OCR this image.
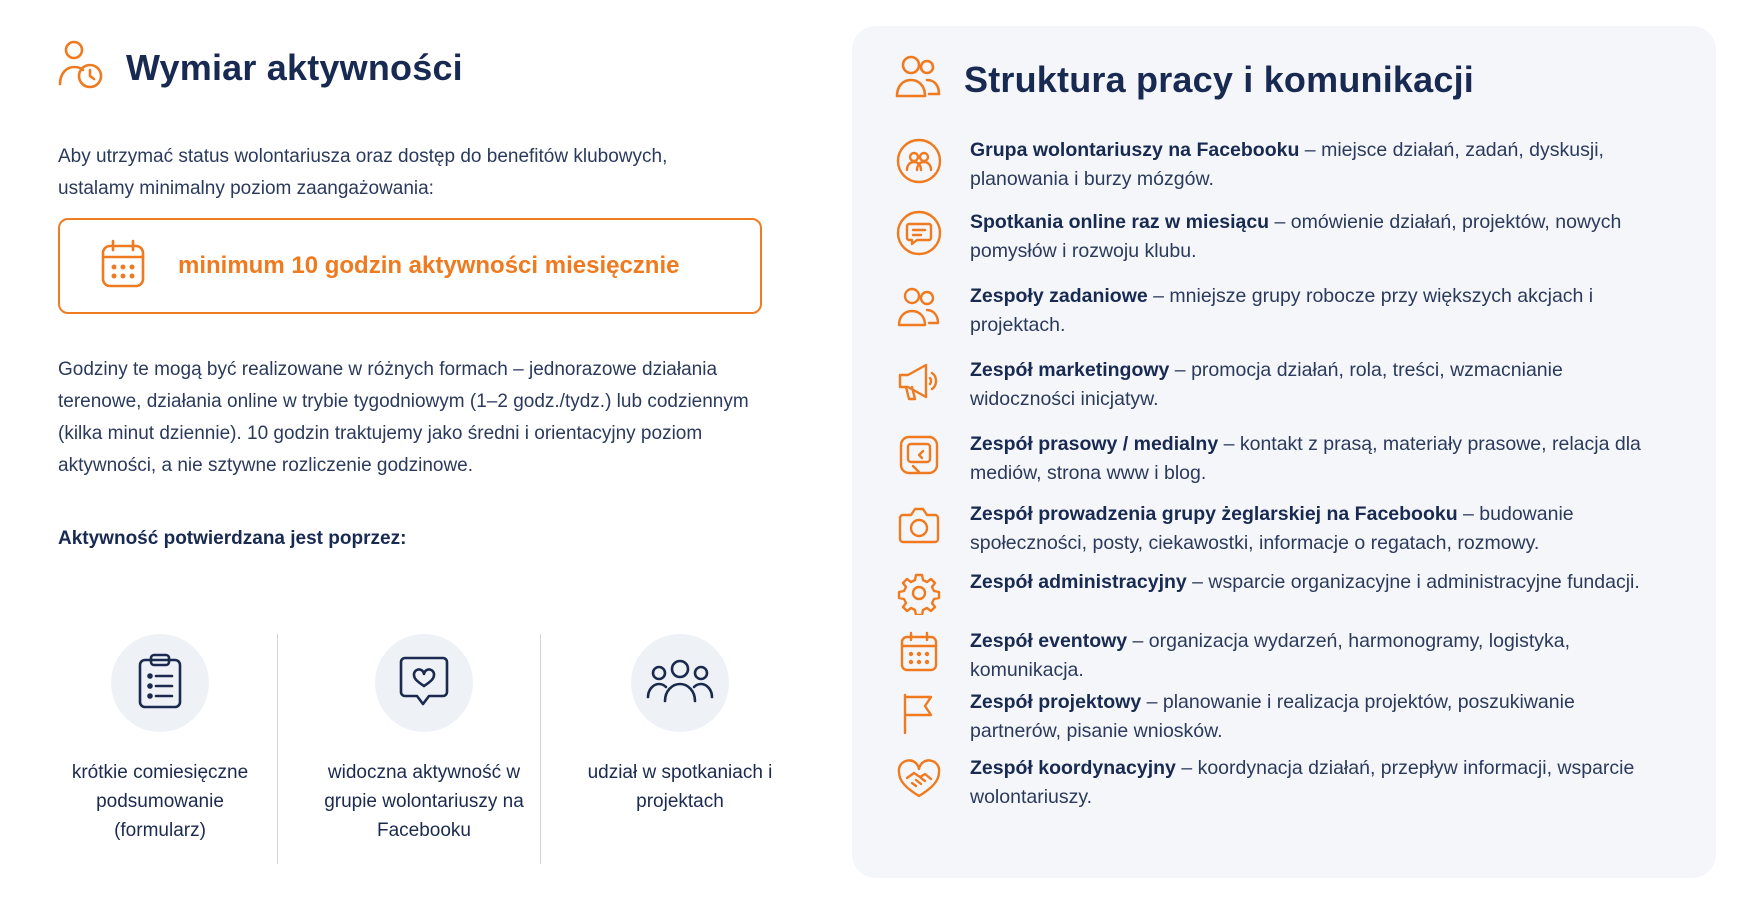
Wymiar aktywności

Aby utrzymać status wolontariusza oraz dostęp do benefitów klubowych, ustalamy minimalny poziom zaangażowania:

minimum 10 godzin aktywności miesięcznie

Godziny te mogą być realizowane w różnych formach – jednorazowe działania terenowe, działania online w trybie tygodniowym (1–2 godz./tydz.) lub codziennym (kilka minut dziennie). 10 godzin traktujemy jako średni i orientacyjny poziom aktywności, a nie sztywne rozliczenie godzinowe.

Aktywność potwierdzana jest poprzez:

krótkie comiesięczne podsumowanie (formularz)

widoczna aktywność w grupie wolontariuszy na Facebooku

udział w spotkaniach i projektach

Struktura pracy i komunikacji

Grupa wolontariuszy na Facebooku – miejsce działań, zadań, dyskusji, planowania i burzy mózgów.

Spotkania online raz w miesiącu – omówienie działań, projektów, nowych pomysłów i rozwoju klubu.

Zespoły zadaniowe – mniejsze grupy robocze przy większych akcjach i projektach.

Zespół marketingowy – promocja działań, rola, treści, wzmacnianie widoczności inicjatyw.

Zespół prasowy / medialny – kontakt z prasą, materiały prasowe, relacja dla mediów, strona www i blog.

Zespół prowadzenia grupy żeglarskiej na Facebooku – budowanie społeczności, posty, ciekawostki, informacje o regatach, rozmowy.

Zespół administracyjny – wsparcie organizacyjne i administracyjne fundacji.

Zespół eventowy – organizacja wydarzeń, harmonogramy, logistyka, komunikacja.

Zespół projektowy – planowanie i realizacja projektów, poszukiwanie partnerów, pisanie wniosków.

Zespół koordynacyjny – koordynacja działań, przepływ informacji, wsparcie wolontariuszy.
